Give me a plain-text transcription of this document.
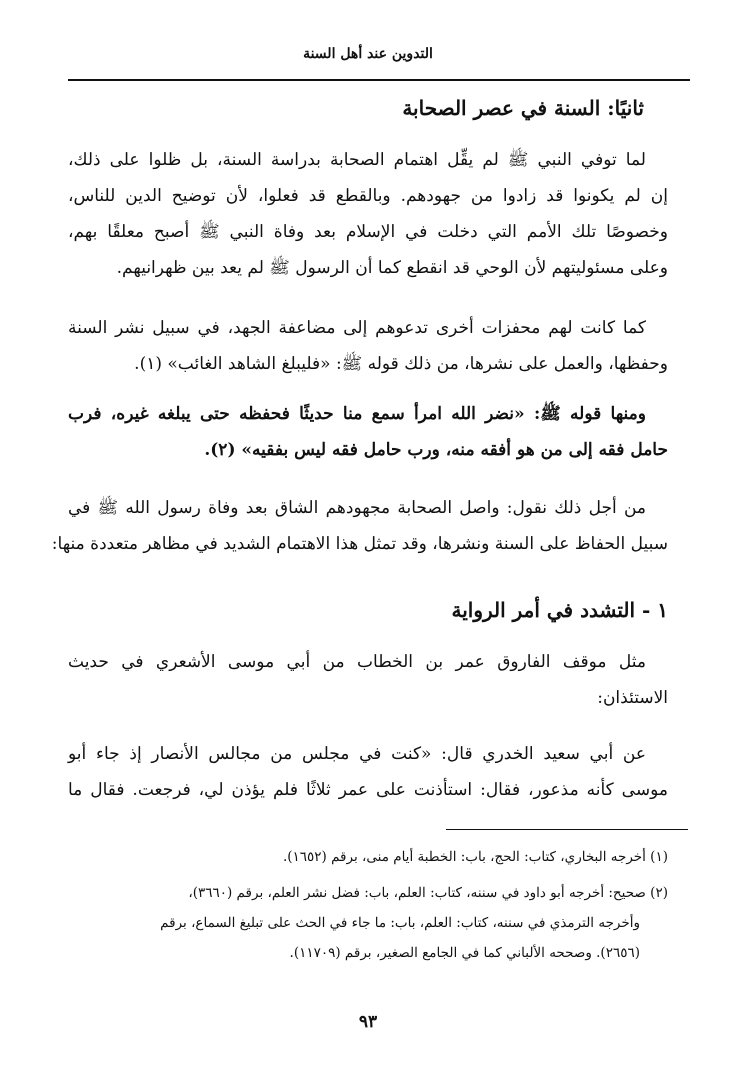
التدوين عند أهل السنة
ثانيًا: السنة في عصر الصحابة
لما توفي النبي ﷺ لم يقِّل اهتمام الصحابة بدراسة السنة، بل ظلوا على ذلك،
إن لم يكونوا قد زادوا من جهودهم. وبالقطع قد فعلوا، لأن توضيح الدين للناس،
وخصوصًا تلك الأمم التي دخلت في الإسلام بعد وفاة النبي ﷺ أصبح معلقًا بهم،
وعلى مسئوليتهم لأن الوحي قد انقطع كما أن الرسول ﷺ لم يعد بين ظهرانيهم.
كما كانت لهم محفزات أخرى تدعوهم إلى مضاعفة الجهد، في سبيل نشر السنة
وحفظها، والعمل على نشرها، من ذلك قوله ﷺ: «فليبلغ الشاهد الغائب» (١).
ومنها قوله ﷺ: «نضر الله امرأ سمع منا حديثًا فحفظه حتى يبلغه غيره، فرب
حامل فقه إلى من هو أفقه منه، ورب حامل فقه ليس بفقيه» (٢).
من أجل ذلك نقول: واصل الصحابة مجهودهم الشاق بعد وفاة رسول الله ﷺ في
سبيل الحفاظ على السنة ونشرها، وقد تمثل هذا الاهتمام الشديد في مظاهر متعددة منها:
١ - التشدد في أمر الرواية
مثل موقف الفاروق عمر بن الخطاب من أبي موسى الأشعري في حديث
الاستئذان:
عن أبي سعيد الخدري قال: «كنت في مجلس من مجالس الأنصار إذ جاء أبو
موسى كأنه مذعور، فقال: استأذنت على عمر ثلاثًا فلم يؤذن لي، فرجعت. فقال ما
(١) أخرجه البخاري، كتاب: الحج، باب: الخطبة أيام منى، برقم (١٦٥٢).
(٢) صحيح: أخرجه أبو داود في سننه، كتاب: العلم، باب: فضل نشر العلم، برقم (٣٦٦٠)،
وأخرجه الترمذي في سننه، كتاب: العلم، باب: ما جاء في الحث على تبليغ السماع، برقم
(٢٦٥٦). وصححه الألباني كما في الجامع الصغير، برقم (١١٧٠٩).
٩٣
